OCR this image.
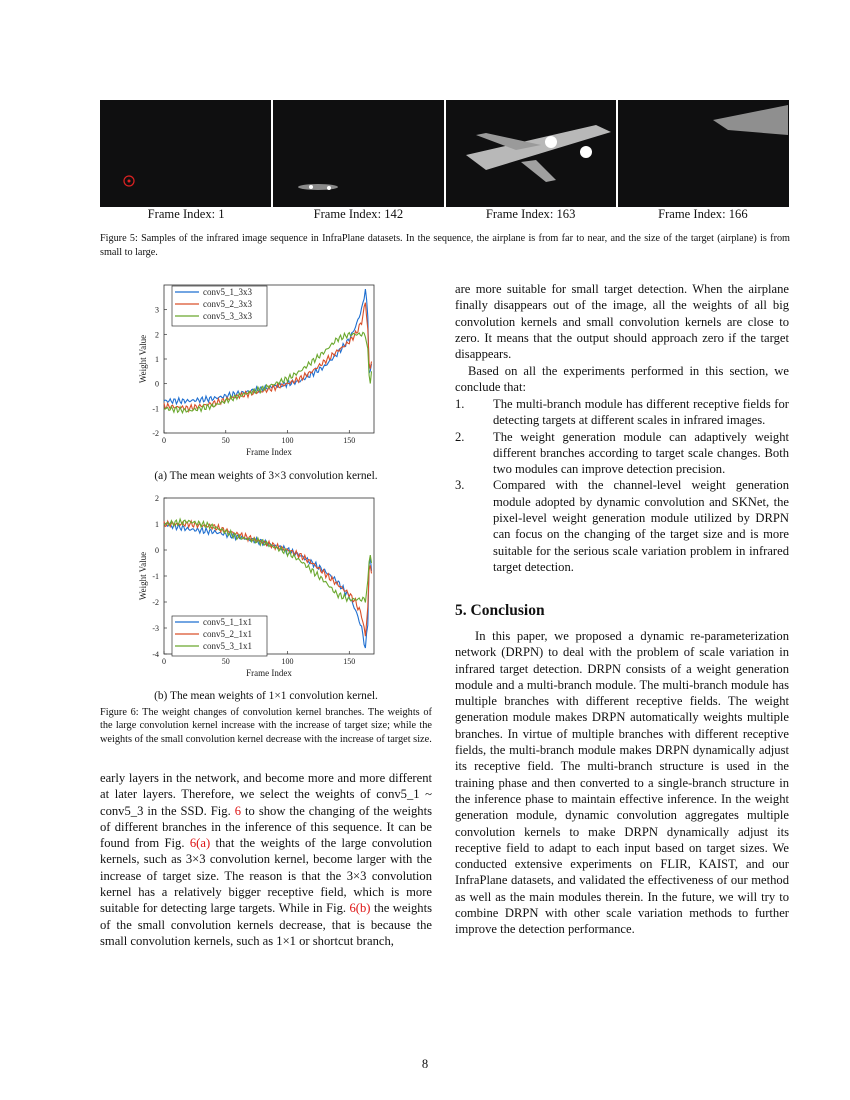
Frame Index: 1	Frame Index: 142	Frame Index: 163	Frame Index: 166
Figure 5: Samples of the infrared image sequence in InfraPlane datasets. In the sequence, the airplane is from far to near, and the size of the target (airplane) is from small to large.
0	50	100	150
-2
-1
0
1
2
3
Frame Index
Weight Value
conv5_1_3x3
conv5_2_3x3
conv5_3_3x3
(a) The mean weights of 3×3 convolution kernel.
0	50	100	150
-4
-3
-2
-1
0
1
2
Frame Index
Weight Value
conv5_1_1x1
conv5_2_1x1
conv5_3_1x1
(b) The mean weights of 1×1 convolution kernel.
Figure 6: The weight changes of convolution kernel branches. The weights of the large convolution kernel increase with the increase of target size; while the weights of the small convolution kernel decrease with the increase of target size.
early layers in the network, and become more and more different at later layers. Therefore, we select the weights of conv5_1 ~ conv5_3 in the SSD. Fig. 6 to show the changing of the weights of different branches in the inference of this sequence. It can be found from Fig. 6(a) that the weights of the large convolution kernels, such as 3×3 convolution kernel, become larger with the increase of target size. The reason is that the 3×3 convolution kernel has a relatively bigger receptive field, which is more suitable for detecting large targets. While in Fig. 6(b) the weights of the small convolution kernels decrease, that is because the small convolution kernels, such as 1×1 or shortcut branch,
are more suitable for small target detection. When the airplane finally disappears out of the image, all the weights of all big convolution kernels and small convolution kernels are close to zero. It means that the output should approach zero if the target disappears.
Based on all the experiments performed in this section, we conclude that:
1. The multi-branch module has different receptive fields for detecting targets at different scales in infrared images.
2. The weight generation module can adaptively weight different branches according to target scale changes. Both two modules can improve detection precision.
3. Compared with the channel-level weight generation module adopted by dynamic convolution and SKNet, the pixel-level weight generation module utilized by DRPN can focus on the changing of the target size and is more suitable for the serious scale variation problem in infrared target detection.
5. Conclusion
In this paper, we proposed a dynamic re-parameterization network (DRPN) to deal with the problem of scale variation in infrared target detection. DRPN consists of a weight generation module and a multi-branch module. The multi-branch module has multiple branches with different receptive fields. The weight generation module makes DRPN automatically weights multiple branches. In virtue of multiple branches with different receptive fields, the multi-branch module makes DRPN dynamically adjust its receptive field. The multi-branch structure is used in the training phase and then converted to a single-branch structure in the inference phase to maintain effective inference. In the weight generation module, dynamic convolution aggregates multiple convolution kernels to make DRPN dynamically adjust its receptive field to adapt to each input based on target sizes. We conducted extensive experiments on FLIR, KAIST, and our InfraPlane datasets, and validated the effectiveness of our method as well as the main modules therein. In the future, we will try to combine DRPN with other scale variation methods to further improve the detection performance.
8
